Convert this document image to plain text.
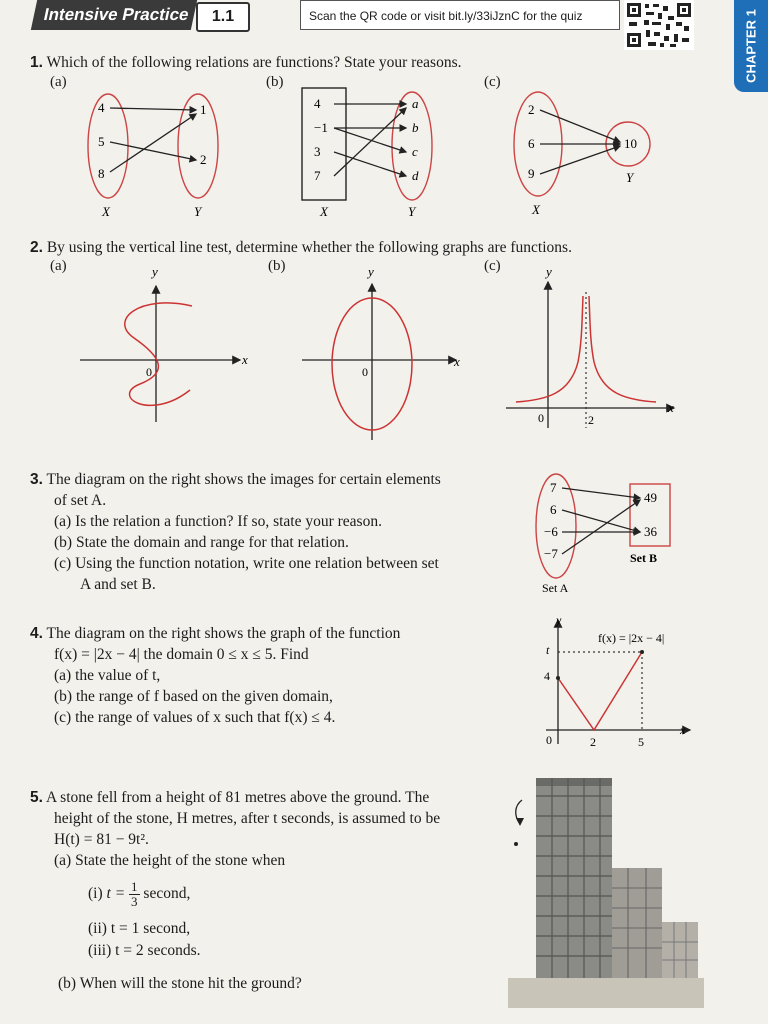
Intensive Practice	1.1	Scan the QR code or visit bit.ly/33iJznC for the quiz	CHAPTER 1
1. Which of the following relations are functions? State your reasons.
(a)	(b)	(c)
4
5
8
1
2
X	Y
4
−1
3
7
a
b
c
d
X	Y
2
6
9
10
Y
X
2. By using the vertical line test, determine whether the following graphs are functions.
(a)	(b)	(c)
x
y
0
x
y
0
x
y
0	2
3. The diagram on the right shows the images for certain elements
of set A.
(a) Is the relation a function? If so, state your reason.
(b) State the domain and range for that relation.
(c) Using the function notation, write one relation between set
A and set B.
7
6
−6
−7
49
36
Set B
Set A
4. The diagram on the right shows the graph of the function
f(x) = |2x − 4| the domain 0 ≤ x ≤ 5. Find
(a) the value of t,
(b) the range of f based on the given domain,
(c) the range of values of x such that f(x) ≤ 4.
x
y
0	2	5
4
t
f(x) = |2x − 4|
5. A stone fell from a height of 81 metres above the ground. The
height of the stone, H metres, after t seconds, is assumed to be
H(t) = 81 − 9t².
(a) State the height of the stone when
(i) $t = \frac{1}{3}$ second,
(ii) t = 1 second,
(iii) t = 2 seconds.
(b) When will the stone hit the ground?
